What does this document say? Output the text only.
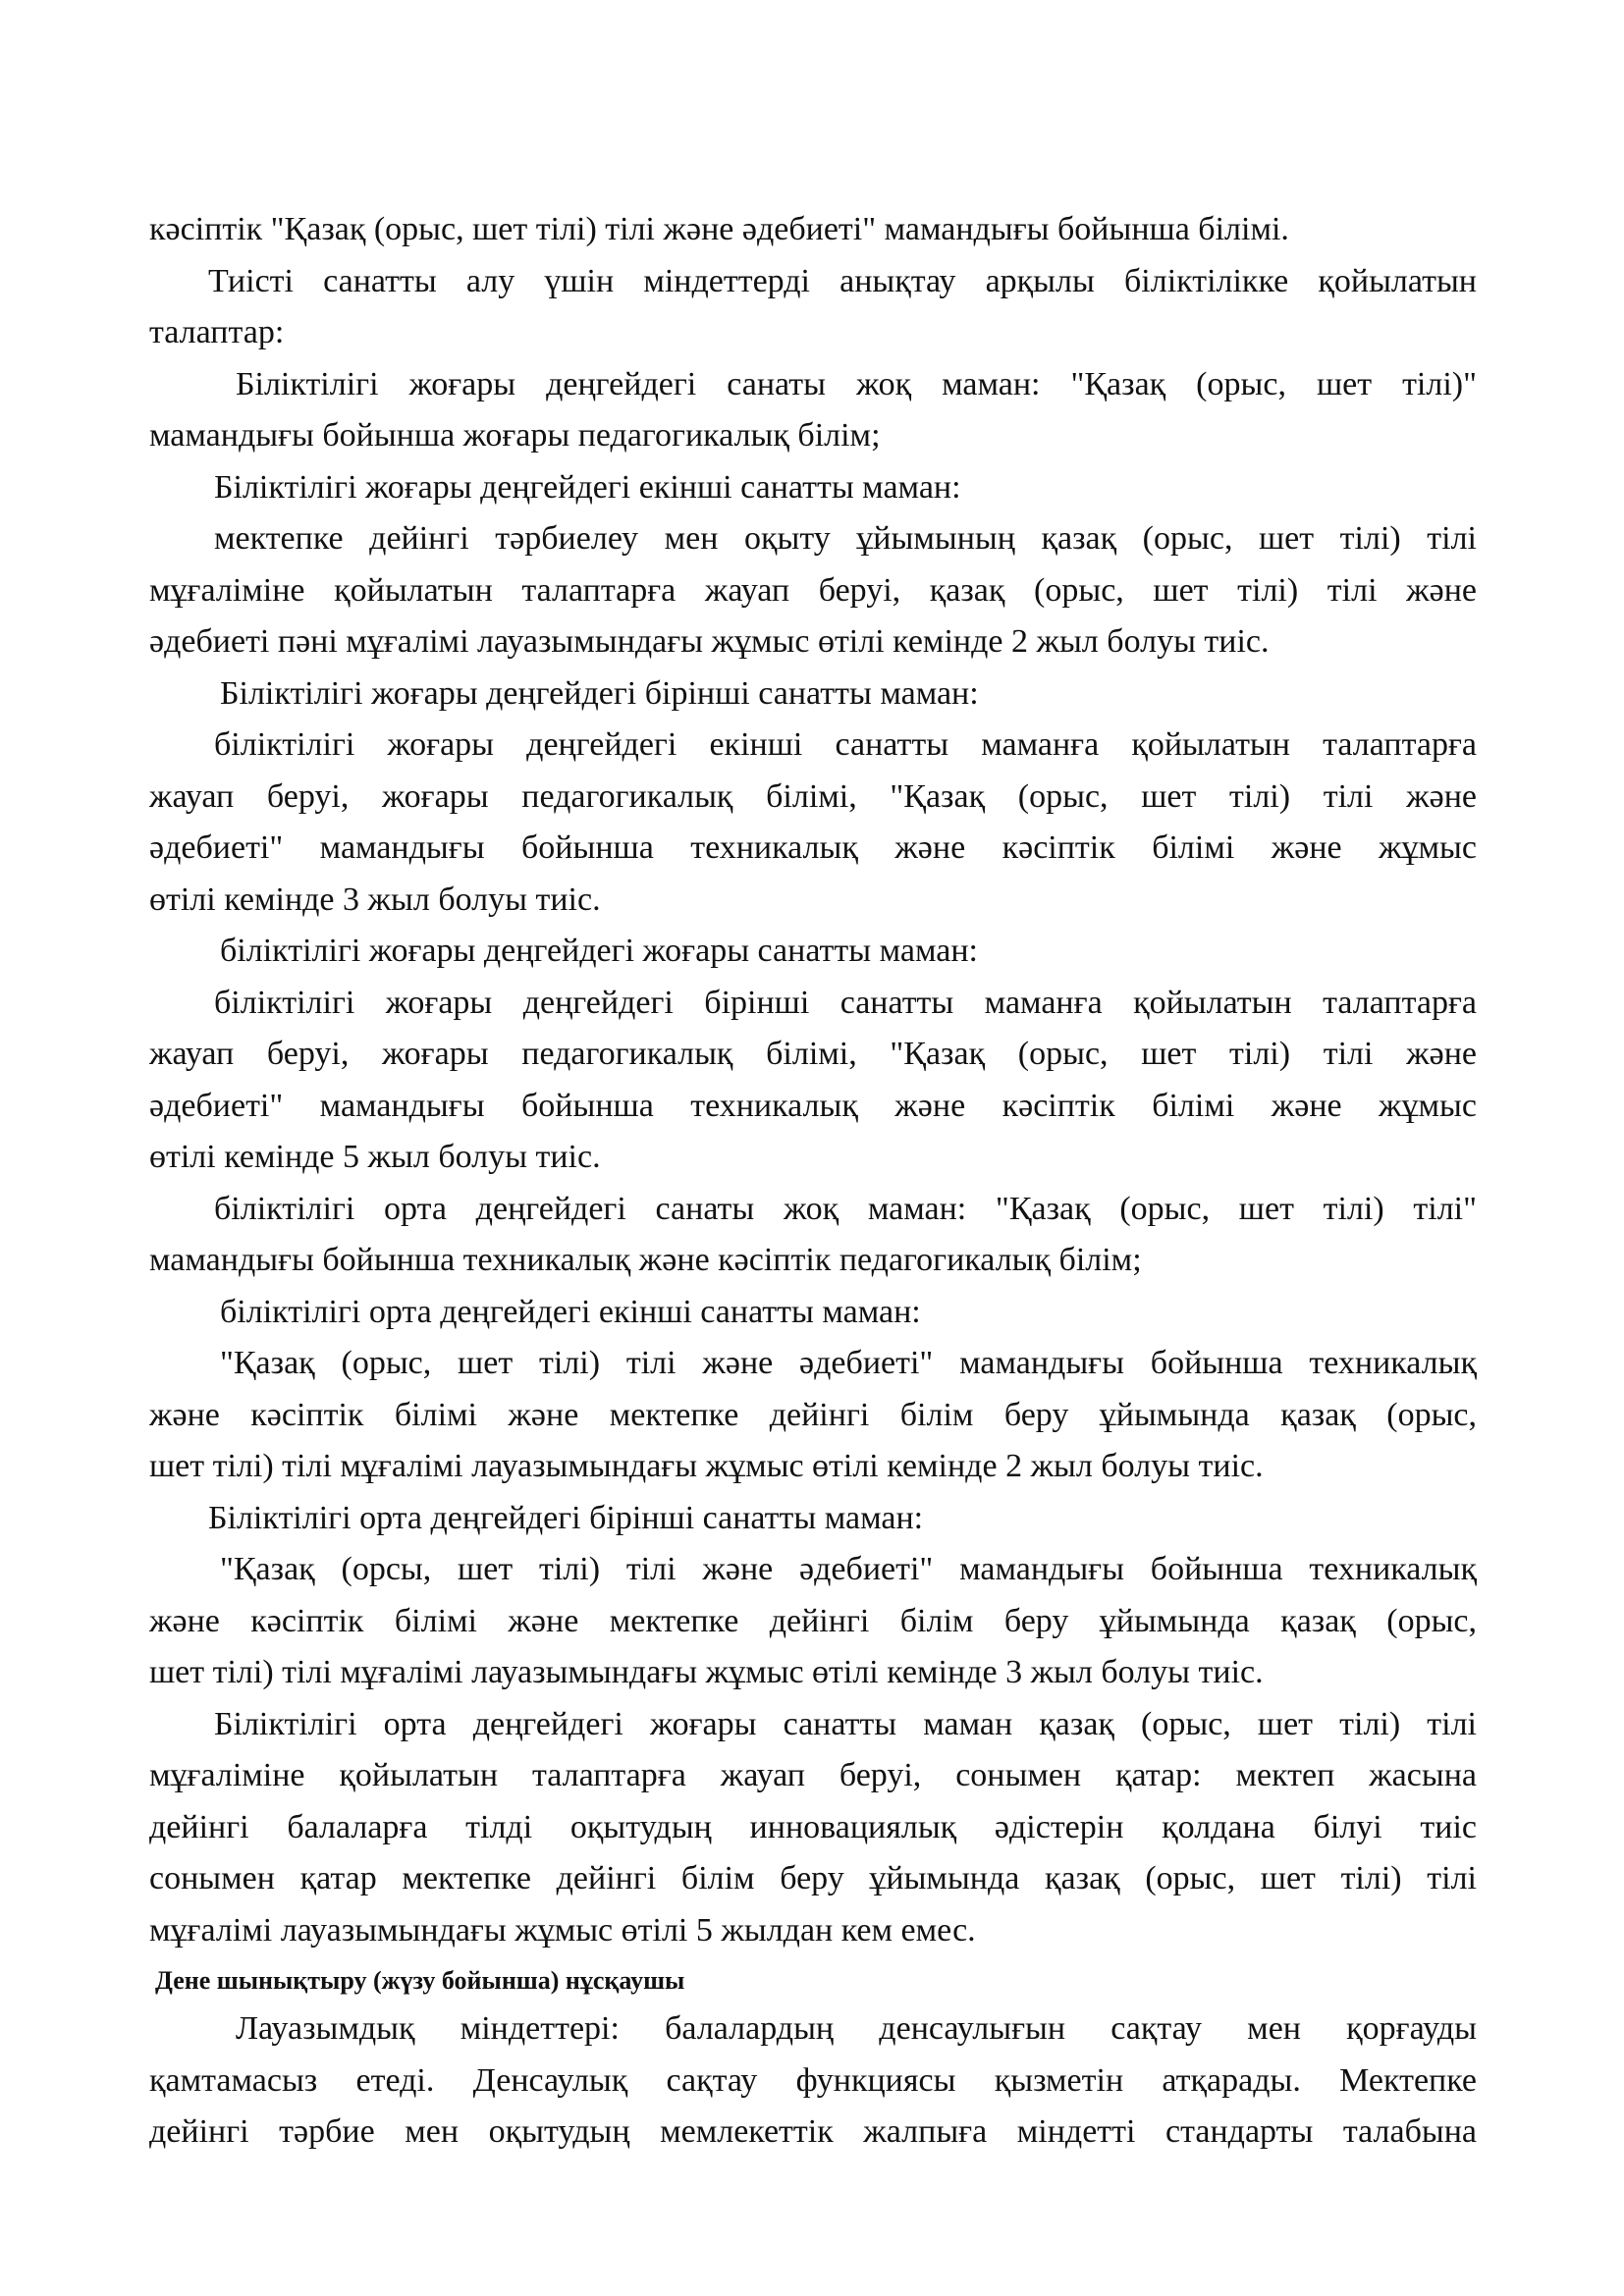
кәсіптік "Қазақ (орыс, шет тілі) тілі және әдебиеті" мамандығы бойынша білімі.
Тиісті санатты алу үшін міндеттерді анықтау арқылы біліктілікке қойылатын
талаптар:
Біліктілігі жоғары деңгейдегі санаты жоқ маман: "Қазақ (орыс, шет тілі)"
мамандығы бойынша жоғары педагогикалық білім;
Біліктілігі жоғары деңгейдегі екінші санатты маман:
мектепке дейінгі тәрбиелеу мен оқыту ұйымының қазақ (орыс, шет тілі) тілі
мұғаліміне қойылатын талаптарға жауап беруі, қазақ (орыс, шет тілі) тілі және
әдебиеті пәні мұғалімі лауазымындағы жұмыс өтілі кемінде 2 жыл болуы тиіс.
Біліктілігі жоғары деңгейдегі бірінші санатты маман:
біліктілігі жоғары деңгейдегі екінші санатты маманға қойылатын талаптарға
жауап беруі, жоғары педагогикалық білімі, "Қазақ (орыс, шет тілі) тілі және
әдебиеті" мамандығы бойынша техникалық және кәсіптік білімі және жұмыс
өтілі кемінде 3 жыл болуы тиіс.
біліктілігі жоғары деңгейдегі жоғары санатты маман:
біліктілігі жоғары деңгейдегі бірінші санатты маманға қойылатын талаптарға
жауап беруі, жоғары педагогикалық білімі, "Қазақ (орыс, шет тілі) тілі және
әдебиеті" мамандығы бойынша техникалық және кәсіптік білімі және жұмыс
өтілі кемінде 5 жыл болуы тиіс.
біліктілігі орта деңгейдегі санаты жоқ маман: "Қазақ (орыс, шет тілі) тілі"
мамандығы бойынша техникалық және кәсіптік педагогикалық білім;
біліктілігі орта деңгейдегі екінші санатты маман:
"Қазақ (орыс, шет тілі) тілі және әдебиеті" мамандығы бойынша техникалық
және кәсіптік білімі және мектепке дейінгі білім беру ұйымында қазақ (орыс,
шет тілі) тілі мұғалімі лауазымындағы жұмыс өтілі кемінде 2 жыл болуы тиіс.
Біліктілігі орта деңгейдегі бірінші санатты маман:
"Қазақ (орсы, шет тілі) тілі және әдебиеті" мамандығы бойынша техникалық
және кәсіптік білімі және мектепке дейінгі білім беру ұйымында қазақ (орыс,
шет тілі) тілі мұғалімі лауазымындағы жұмыс өтілі кемінде 3 жыл болуы тиіс.
Біліктілігі орта деңгейдегі жоғары санатты маман қазақ (орыс, шет тілі) тілі
мұғаліміне қойылатын талаптарға жауап беруі, сонымен қатар: мектеп жасына
дейінгі балаларға тілді оқытудың инновациялық әдістерін қолдана білуі тиіс
сонымен қатар мектепке дейінгі білім беру ұйымында қазақ (орыс, шет тілі) тілі
мұғалімі лауазымындағы жұмыс өтілі 5 жылдан кем емес.
Дене шынықтыру (жүзу бойынша) нұсқаушы
Лауазымдық міндеттері: балалардың денсаулығын сақтау мен қорғауды
қамтамасыз етеді. Денсаулық сақтау функциясы қызметін атқарады. Мектепке
дейінгі тәрбие мен оқытудың мемлекеттік жалпыға міндетті стандарты талабына
